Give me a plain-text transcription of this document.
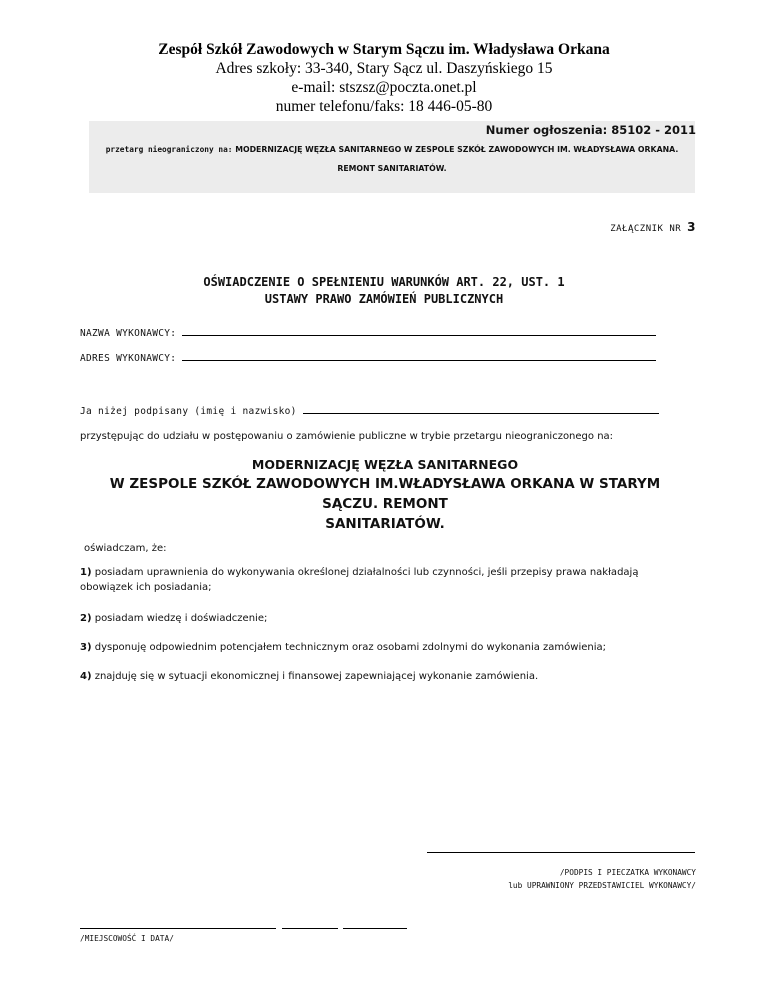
Zespół Szkół Zawodowych w Starym Sączu im. Władysława Orkana
Adres szkoły: 33-340, Stary Sącz ul. Daszyńskiego 15
e-mail: stszsz@poczta.onet.pl
numer telefonu/faks: 18 446-05-80
Numer ogłoszenia: 85102 - 2011
przetarg nieograniczony na: MODERNIZACJĘ WĘZŁA SANITARNEGO W ZESPOLE SZKÓŁ ZAWODOWYCH IM. WŁADYSŁAWA ORKANA.
REMONT SANITARIATÓW.
ZAŁĄCZNIK NR 3
OŚWIADCZENIE O SPEŁNIENIU WARUNKÓW ART. 22, UST. 1
USTAWY PRAWO ZAMÓWIEŃ PUBLICZNYCH
NAZWA WYKONAWCY:
ADRES WYKONAWCY:
Ja niżej podpisany (imię i nazwisko)
przystępując do udziału w postępowaniu o zamówienie publiczne w trybie przetargu nieograniczonego na:
MODERNIZACJĘ WĘZŁA SANITARNEGO
W ZESPOLE SZKÓŁ ZAWODOWYCH IM.WŁADYSŁAWA ORKANA W STARYM SĄCZU. REMONT
SANITARIATÓW.
oświadczam, że:
1) posiadam uprawnienia do wykonywania określonej działalności lub czynności, jeśli przepisy prawa nakładają obowiązek ich posiadania;
2) posiadam wiedzę i doświadczenie;
3) dysponuję odpowiednim potencjałem technicznym oraz osobami zdolnymi do wykonania zamówienia;
4) znajduję się w sytuacji ekonomicznej i finansowej zapewniającej wykonanie zamówienia.
/PODPIS I PIECZATKA WYKONAWCY
lub UPRAWNIONY PRZEDSTAWICIEL WYKONAWCY/
/MIEJSCOWOŚĆ I DATA/
